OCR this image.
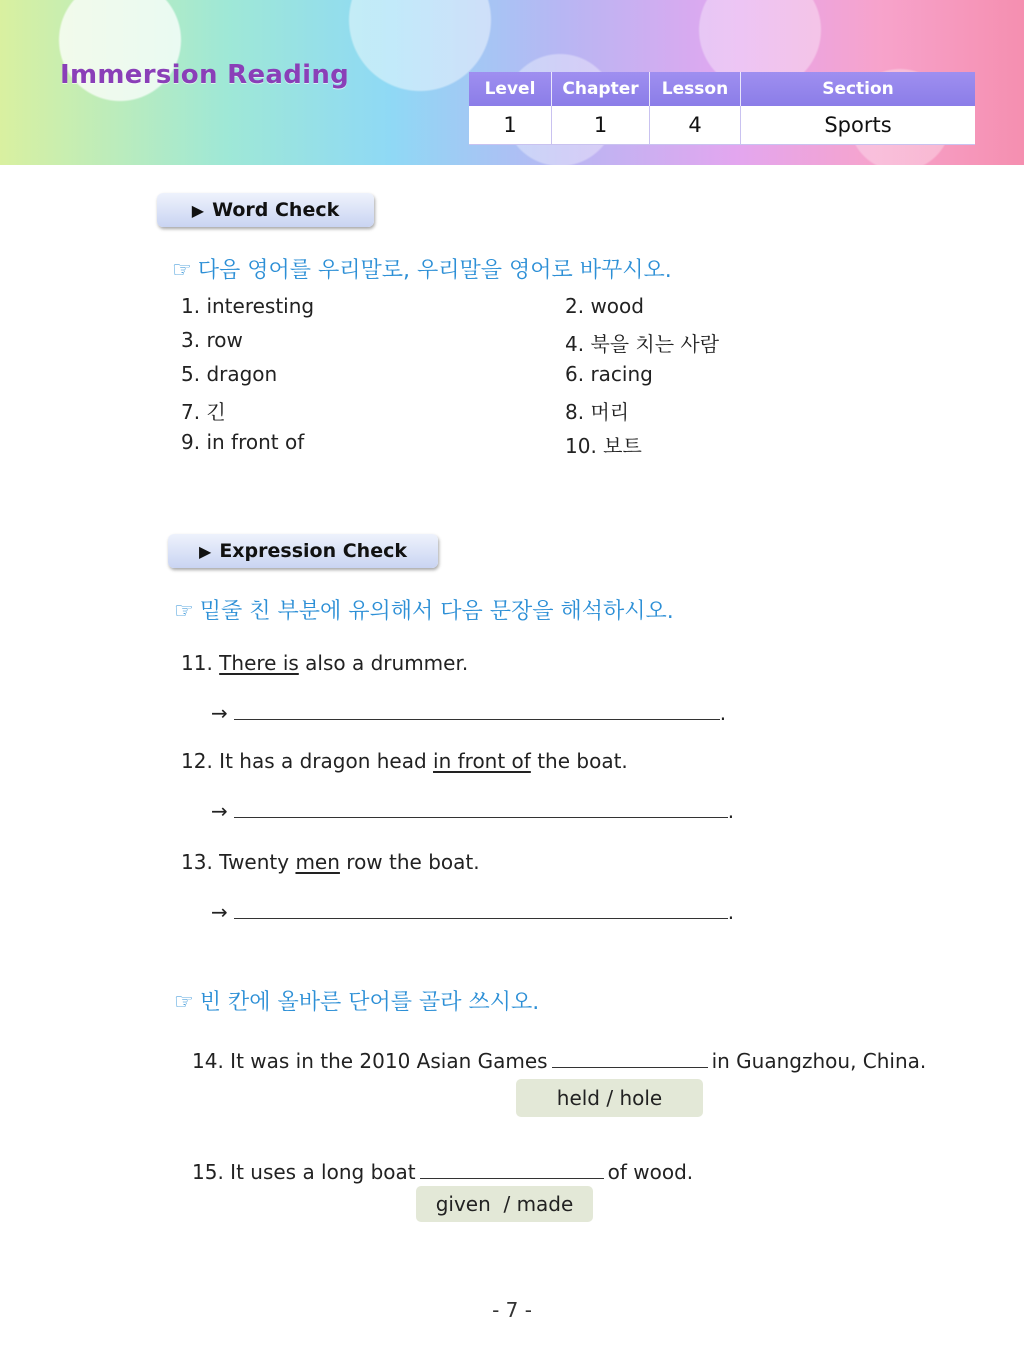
Immersion Reading	Level	Chapter	Lesson	Section
1	1	4	Sports
▶ Word Check
☞ 다음 영어를 우리말로, 우리말을 영어로 바꾸시오.
1. interesting	2. wood
3. row	4. 북을 치는 사람
5. dragon	6. racing
7. 긴	8. 머리
9. in front of	10. 보트
▶ Expression Check
☞ 밑줄 친 부분에 유의해서 다음 문장을 해석하시오.
11. There is also a drummer.
→	.
12. It has a dragon head in front of the boat.
→	.
13. Twenty men row the boat.
→	.
☞ 빈 칸에 올바른 단어를 골라 쓰시오.
14. It was in the 2010 Asian Games	in Guangzhou, China.
held / hole
15. It uses a long boat	of wood.
given  / made
- 7 -
